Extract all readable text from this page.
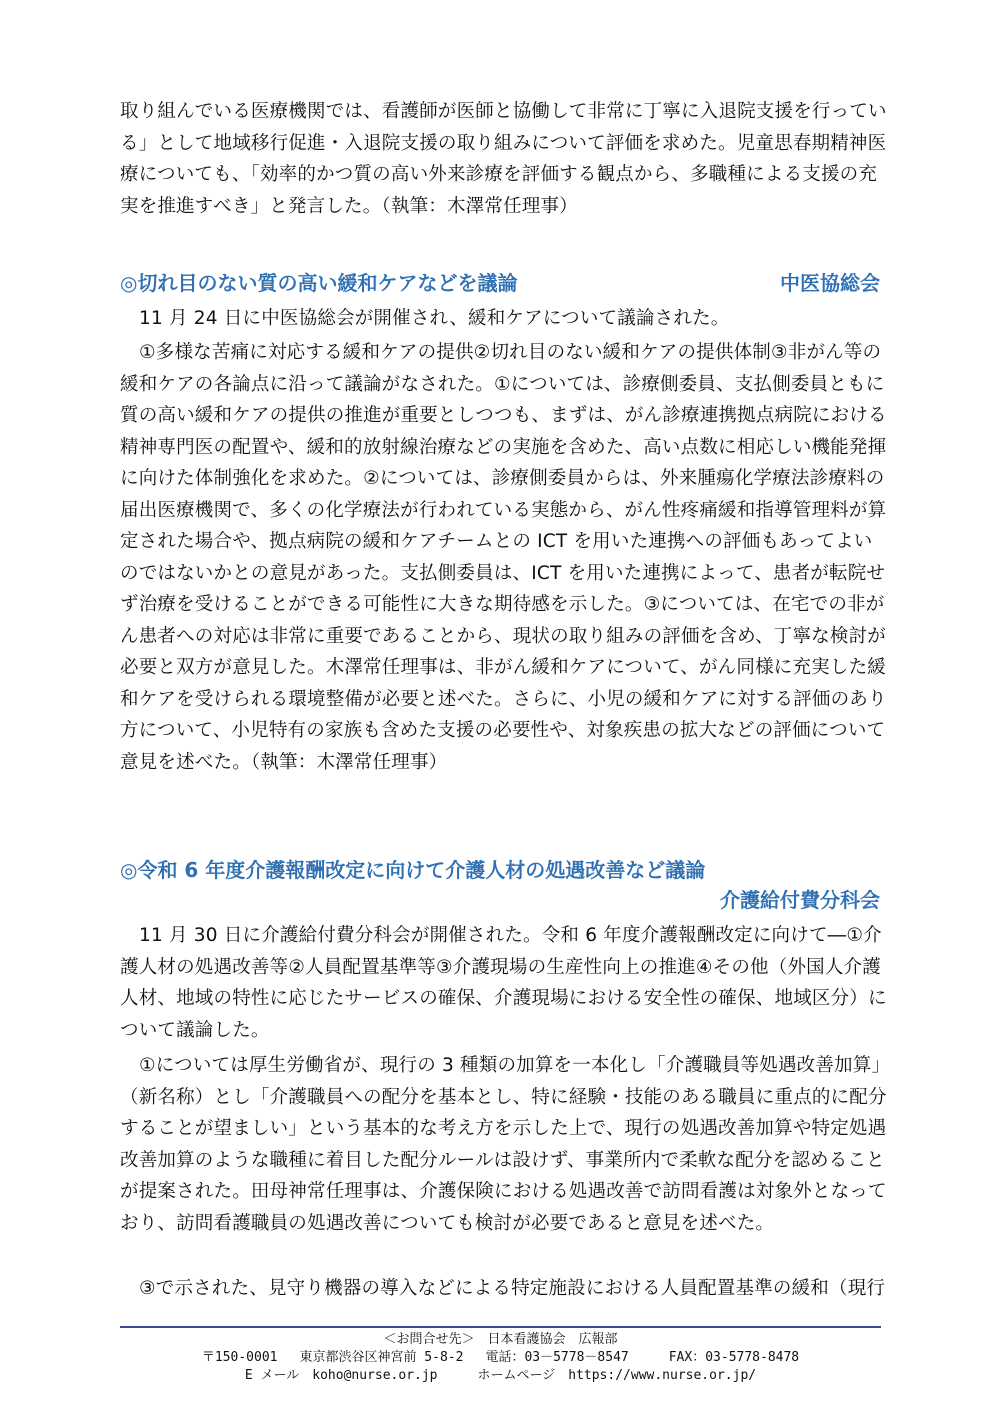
取り組んでいる医療機関では、看護師が医師と協働して非常に丁寧に入退院支援を行っている」として地域移行促進・入退院支援の取り組みについて評価を求めた。児童思春期精神医療についても、「効率的かつ質の高い外来診療を評価する観点から、多職種による支援の充実を推進すべき」と発言した。（執筆：木澤常任理事）

◎切れ目のない質の高い緩和ケアなどを議論	中医協総会

11 月 24 日に中医協総会が開催され、緩和ケアについて議論された。

①多様な苦痛に対応する緩和ケアの提供②切れ目のない緩和ケアの提供体制③非がん等の緩和ケアの各論点に沿って議論がなされた。①については、診療側委員、支払側委員ともに質の高い緩和ケアの提供の推進が重要としつつも、まずは、がん診療連携拠点病院における精神専門医の配置や、緩和的放射線治療などの実施を含めた、高い点数に相応しい機能発揮に向けた体制強化を求めた。②については、診療側委員からは、外来腫瘍化学療法診療料の届出医療機関で、多くの化学療法が行われている実態から、がん性疼痛緩和指導管理料が算定された場合や、拠点病院の緩和ケアチームとの ICT を用いた連携への評価もあってよいのではないかとの意見があった。支払側委員は、ICT を用いた連携によって、患者が転院せず治療を受けることができる可能性に大きな期待感を示した。③については、在宅での非がん患者への対応は非常に重要であることから、現状の取り組みの評価を含め、丁寧な検討が必要と双方が意見した。木澤常任理事は、非がん緩和ケアについて、がん同様に充実した緩和ケアを受けられる環境整備が必要と述べた。さらに、小児の緩和ケアに対する評価のあり方について、小児特有の家族も含めた支援の必要性や、対象疾患の拡大などの評価について意見を述べた。（執筆：木澤常任理事）

◎令和 6 年度介護報酬改定に向けて介護人材の処遇改善など議論
介護給付費分科会

11 月 30 日に介護給付費分科会が開催された。令和 6 年度介護報酬改定に向けて―①介護人材の処遇改善等②人員配置基準等③介護現場の生産性向上の推進④その他（外国人介護人材、地域の特性に応じたサービスの確保、介護現場における安全性の確保、地域区分）について議論した。

①については厚生労働省が、現行の 3 種類の加算を一本化し「介護職員等処遇改善加算」（新名称）とし「介護職員への配分を基本とし、特に経験・技能のある職員に重点的に配分することが望ましい」という基本的な考え方を示した上で、現行の処遇改善加算や特定処遇改善加算のような職種に着目した配分ルールは設けず、事業所内で柔軟な配分を認めることが提案された。田母神常任理事は、介護保険における処遇改善で訪問看護は対象外となっており、訪問看護職員の処遇改善についても検討が必要であると意見を述べた。

③で示された、見守り機器の導入などによる特定施設における人員配置基準の緩和（現行

＜お問合せ先＞　日本看護協会　広報部
〒150-0001 東京都渋谷区神宮前 5-8-2 電話：03－5778－8547	FAX：03-5778-8478
E メール　koho@nurse.or.jp	ホームページ　https://www.nurse.or.jp/
